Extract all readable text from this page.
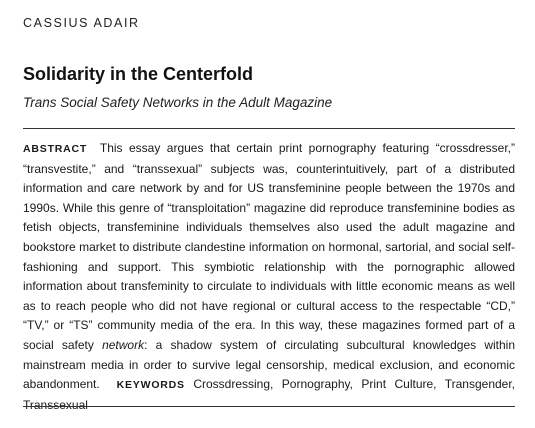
CASSIUS ADAIR
Solidarity in the Centerfold
Trans Social Safety Networks in the Adult Magazine
ABSTRACT This essay argues that certain print pornography featuring “crossdresser,” “transvestite,” and “transsexual” subjects was, counterintuitively, part of a distributed information and care network by and for US transfeminine people between the 1970s and 1990s. While this genre of “transploitation” magazine did reproduce transfeminine bodies as fetish objects, transfeminine individuals themselves also used the adult magazine and bookstore market to distribute clandestine information on hormonal, sartorial, and social self-fashioning and support. This symbiotic relationship with the pornographic allowed information about transfeminity to circulate to individuals with little economic means as well as to reach people who did not have regional or cultural access to the respectable “CD,” “TV,” or “TS” community media of the era. In this way, these magazines formed part of a social safety network: a shadow system of circulating subcultural knowledges within mainstream media in order to survive legal censorship, medical exclusion, and economic abandonment. KEYWORDS Crossdressing, Pornography, Print Culture, Transgender, Transsexual
